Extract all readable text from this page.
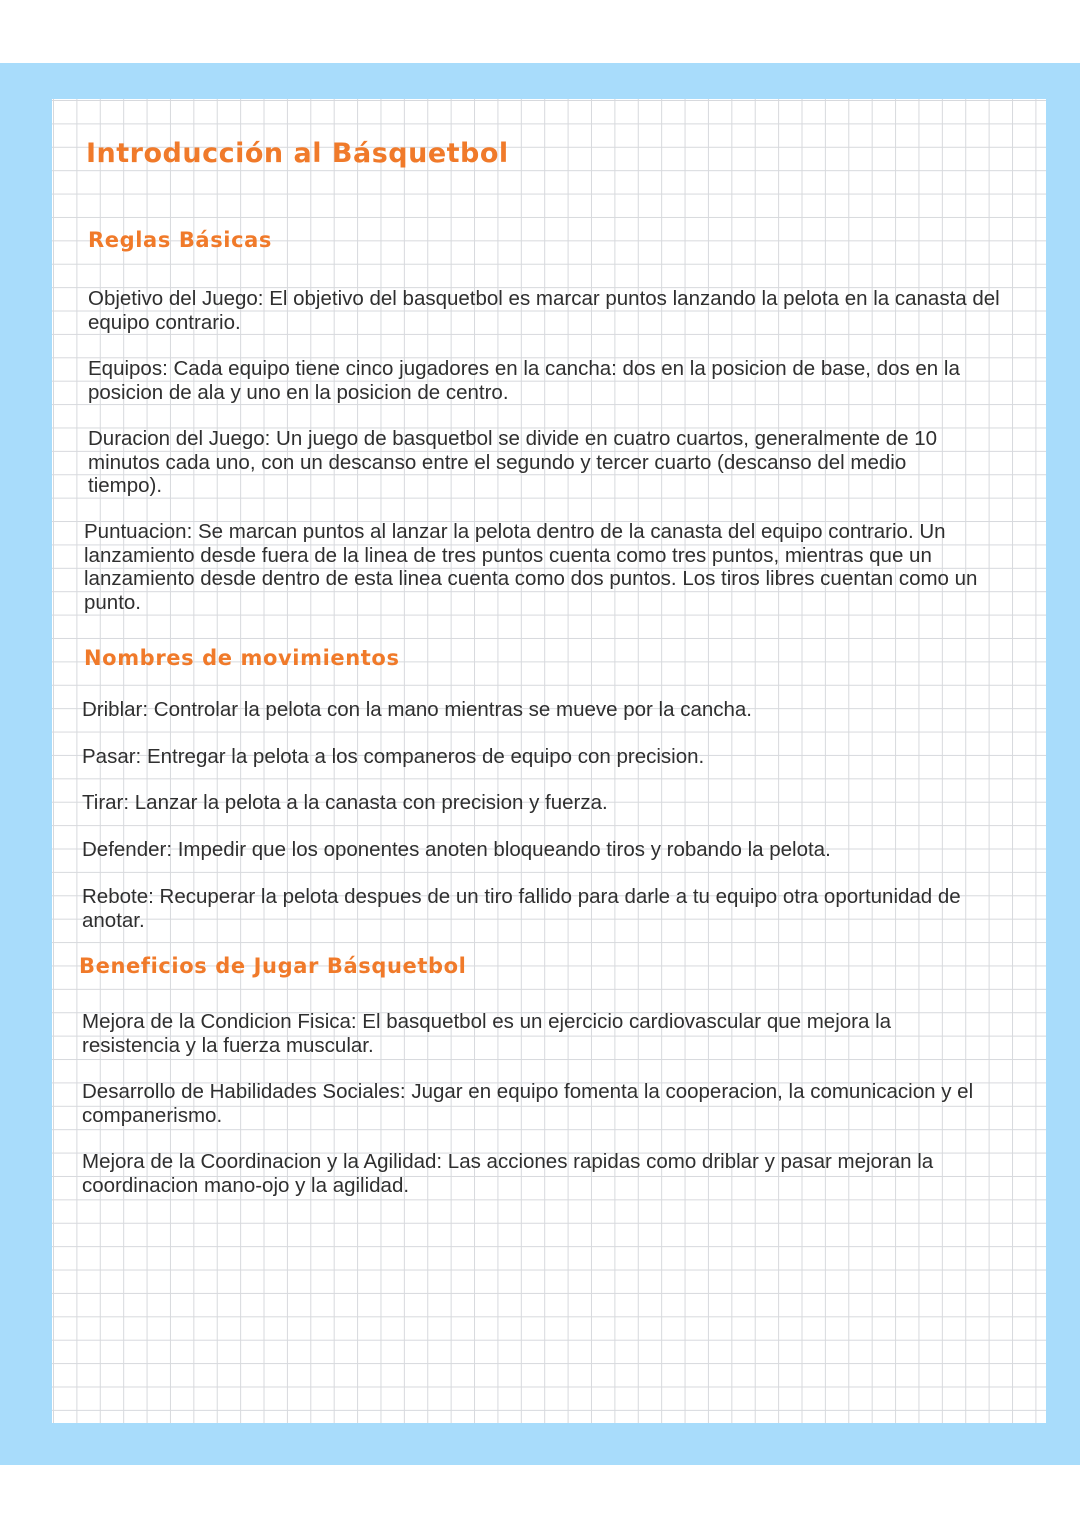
Introducción al Básquetbol
Reglas Básicas

Objetivo del Juego: El objetivo del basquetbol es marcar puntos lanzando la pelota en la canasta del equipo contrario.

Equipos: Cada equipo tiene cinco jugadores en la cancha: dos en la posicion de base, dos en la posicion de ala y uno en la posicion de centro.

Duracion del Juego: Un juego de basquetbol se divide en cuatro cuartos, generalmente de 10 minutos cada uno, con un descanso entre el segundo y tercer cuarto (descanso del medio tiempo).

Puntuacion: Se marcan puntos al lanzar la pelota dentro de la canasta del equipo contrario. Un lanzamiento desde fuera de la linea de tres puntos cuenta como tres puntos, mientras que un lanzamiento desde dentro de esta linea cuenta como dos puntos. Los tiros libres cuentan como un punto.

Nombres de movimientos

Driblar: Controlar la pelota con la mano mientras se mueve por la cancha.

Pasar: Entregar la pelota a los companeros de equipo con precision.

Tirar: Lanzar la pelota a la canasta con precision y fuerza.

Defender: Impedir que los oponentes anoten bloqueando tiros y robando la pelota.

Rebote: Recuperar la pelota despues de un tiro fallido para darle a tu equipo otra oportunidad de anotar.

Beneficios de Jugar Básquetbol

Mejora de la Condicion Fisica: El basquetbol es un ejercicio cardiovascular que mejora la resistencia y la fuerza muscular.

Desarrollo de Habilidades Sociales: Jugar en equipo fomenta la cooperacion, la comunicacion y el companerismo.

Mejora de la Coordinacion y la Agilidad: Las acciones rapidas como driblar y pasar mejoran la coordinacion mano-ojo y la agilidad.
